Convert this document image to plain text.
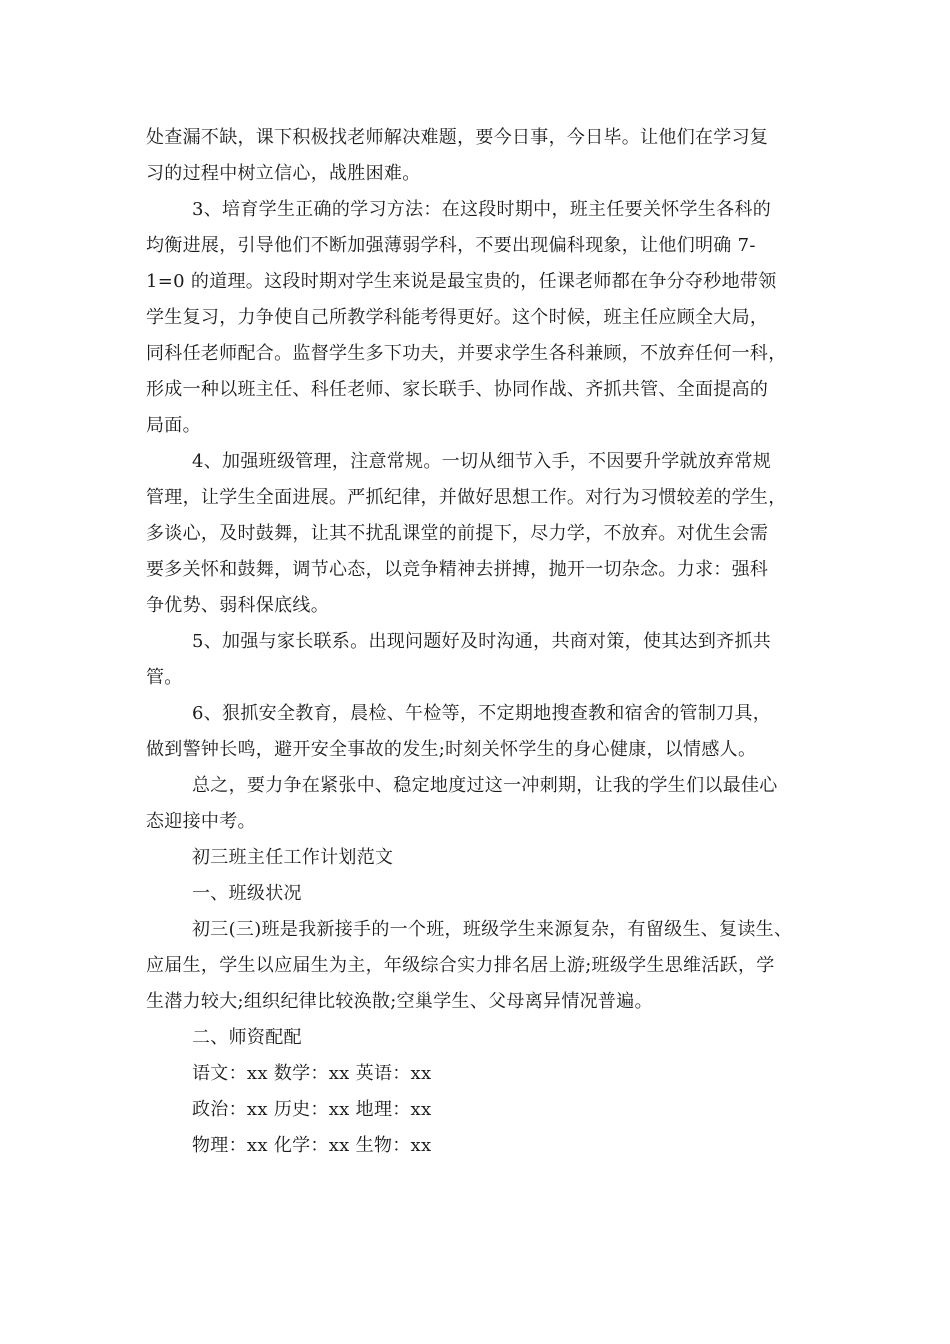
处查漏不缺，课下积极找老师解决难题，要今日事，今日毕。让他们在学习复
习的过程中树立信心，战胜困难。
3、培育学生正确的学习方法：在这段时期中，班主任要关怀学生各科的
均衡进展，引导他们不断加强薄弱学科，不要出现偏科现象，让他们明确 7-
1=0 的道理。这段时期对学生来说是最宝贵的，任课老师都在争分夺秒地带领
学生复习，力争使自己所教学科能考得更好。这个时候，班主任应顾全大局，
同科任老师配合。监督学生多下功夫，并要求学生各科兼顾，不放弃任何一科，
形成一种以班主任、科任老师、家长联手、协同作战、齐抓共管、全面提高的
局面。
4、加强班级管理，注意常规。一切从细节入手，不因要升学就放弃常规
管理，让学生全面进展。严抓纪律，并做好思想工作。对行为习惯较差的学生，
多谈心，及时鼓舞，让其不扰乱课堂的前提下，尽力学，不放弃。对优生会需
要多关怀和鼓舞，调节心态，以竞争精神去拼搏，抛开一切杂念。力求：强科
争优势、弱科保底线。
5、加强与家长联系。出现问题好及时沟通，共商对策，使其达到齐抓共
管。
6、狠抓安全教育，晨检、午检等，不定期地搜查教和宿舍的管制刀具，
做到警钟长鸣，避开安全事故的发生;时刻关怀学生的身心健康，以情感人。
总之，要力争在紧张中、稳定地度过这一冲刺期，让我的学生们以最佳心
态迎接中考。
初三班主任工作计划范文
一、班级状况
初三(三)班是我新接手的一个班，班级学生来源复杂，有留级生、复读生、
应届生，学生以应届生为主，年级综合实力排名居上游;班级学生思维活跃，学
生潜力较大;组织纪律比较涣散;空巢学生、父母离异情况普遍。
二、师资配配
语文：xx 数学：xx 英语：xx
政治：xx 历史：xx 地理：xx
物理：xx 化学：xx 生物：xx
